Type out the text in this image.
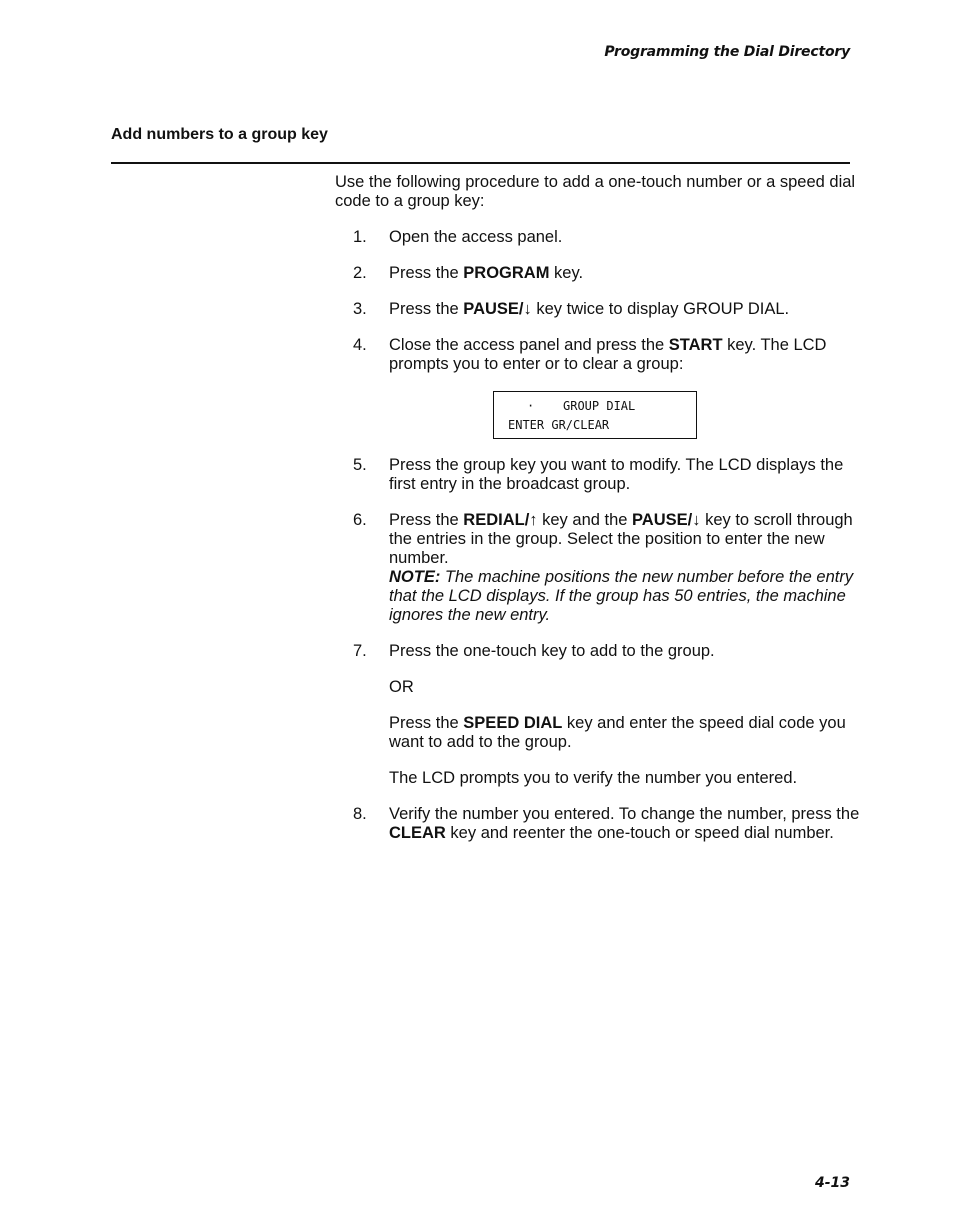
Programming the Dial Directory
Add numbers to a group key

Use the following procedure to add a one-touch number or a speed dial code to a group key:

1. Open the access panel.

2. Press the PROGRAM key.

3. Press the PAUSE/↓ key twice to display GROUP DIAL.

4. Close the access panel and press the START key. The LCD prompts you to enter or to clear a group:

· GROUP DIAL
ENTER GR/CLEAR
5. Press the group key you want to modify. The LCD displays the first entry in the broadcast group.

6. Press the REDIAL/↑ key and the PAUSE/↓ key to scroll through the entries in the group. Select the position to enter the new number.

NOTE: The machine positions the new number before the entry that the LCD displays. If the group has 50 entries, the machine ignores the new entry.

7. Press the one-touch key to add to the group.

OR

Press the SPEED DIAL key and enter the speed dial code you want to add to the group.

The LCD prompts you to verify the number you entered.

8. Verify the number you entered. To change the number, press the CLEAR key and reenter the one-touch or speed dial number.

4-13
